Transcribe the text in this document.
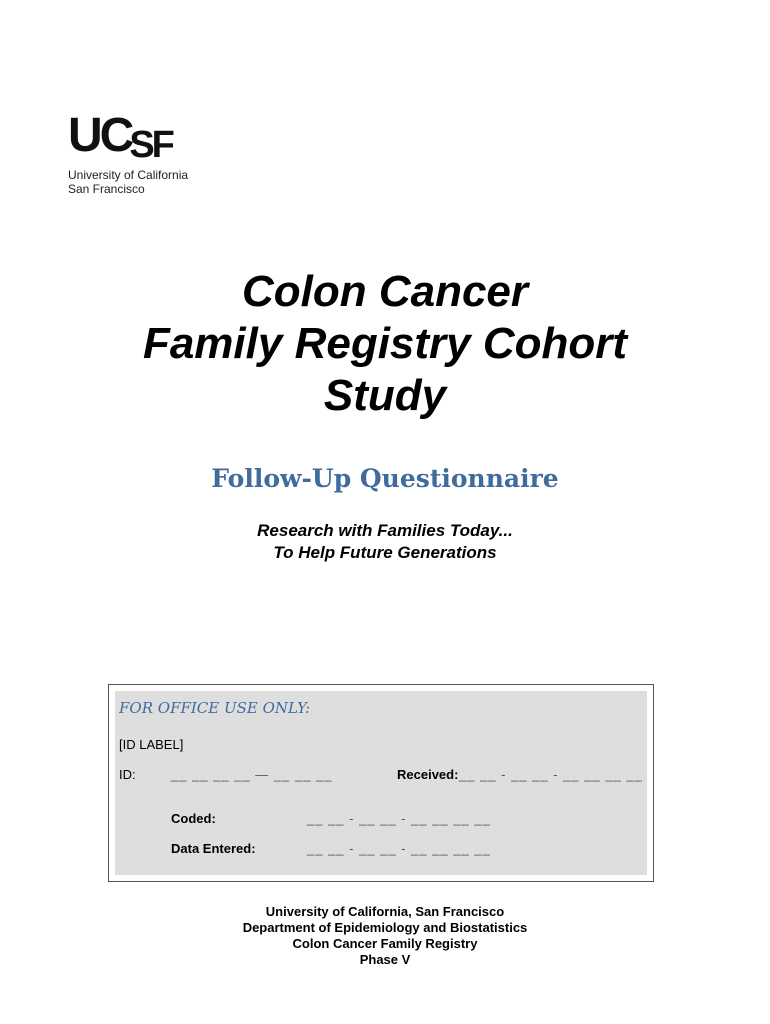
UCSF
University of California
San Francisco
Colon Cancer
Family Registry Cohort
Study
Follow-Up Questionnaire
Research with Families Today...
To Help Future Generations
FOR OFFICE USE ONLY:
[ID LABEL]
ID:	__ __ __ __ — __ __ __	Received: __ __ - __ __ - __ __ __ __
Coded:	__ __ - __ __ - __ __ __ __
Data Entered:	__ __ - __ __ - __ __ __ __
University of California, San Francisco
Department of Epidemiology and Biostatistics
Colon Cancer Family Registry
Phase V
